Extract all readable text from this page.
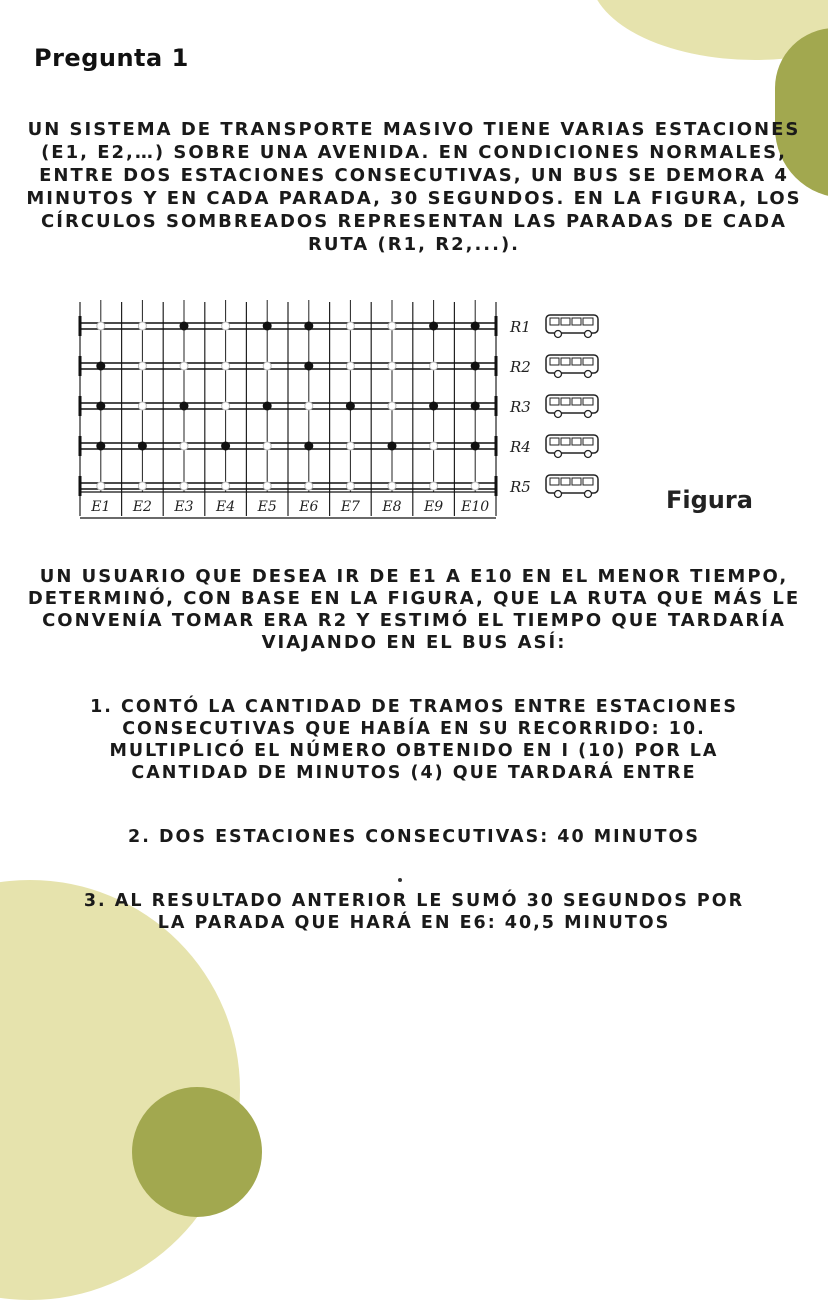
Pregunta 1
UN SISTEMA DE TRANSPORTE MASIVO TIENE VARIAS ESTACIONES (E1, E2,…) SOBRE UNA AVENIDA. EN CONDICIONES NORMALES, ENTRE DOS ESTACIONES CONSECUTIVAS, UN BUS SE DEMORA 4 MINUTOS Y EN CADA PARADA, 30 SEGUNDOS. EN LA FIGURA, LOS CÍRCULOS SOMBREADOS REPRESENTAN LAS PARADAS DE CADA RUTA (R1, R2,...).
R1
R2
R3
R4
R5
E1 E2 E3 E4 E5 E6 E7 E8 E9 E10	Figura
UN USUARIO QUE DESEA IR DE E1 A E10 EN EL MENOR TIEMPO, DETERMINÓ, CON BASE EN LA FIGURA, QUE LA RUTA QUE MÁS LE CONVENÍA TOMAR ERA R2 Y ESTIMÓ EL TIEMPO QUE TARDARÍA VIAJANDO EN EL BUS ASÍ:
1. CONTÓ LA CANTIDAD DE TRAMOS ENTRE ESTACIONES CONSECUTIVAS QUE HABÍA EN SU RECORRIDO: 10. MULTIPLICÓ EL NÚMERO OBTENIDO EN I (10) POR LA CANTIDAD DE MINUTOS (4) QUE TARDARÁ ENTRE
2. DOS ESTACIONES CONSECUTIVAS: 40 MINUTOS
3. AL RESULTADO ANTERIOR LE SUMÓ 30 SEGUNDOS POR LA PARADA QUE HARÁ EN E6: 40,5 MINUTOS
